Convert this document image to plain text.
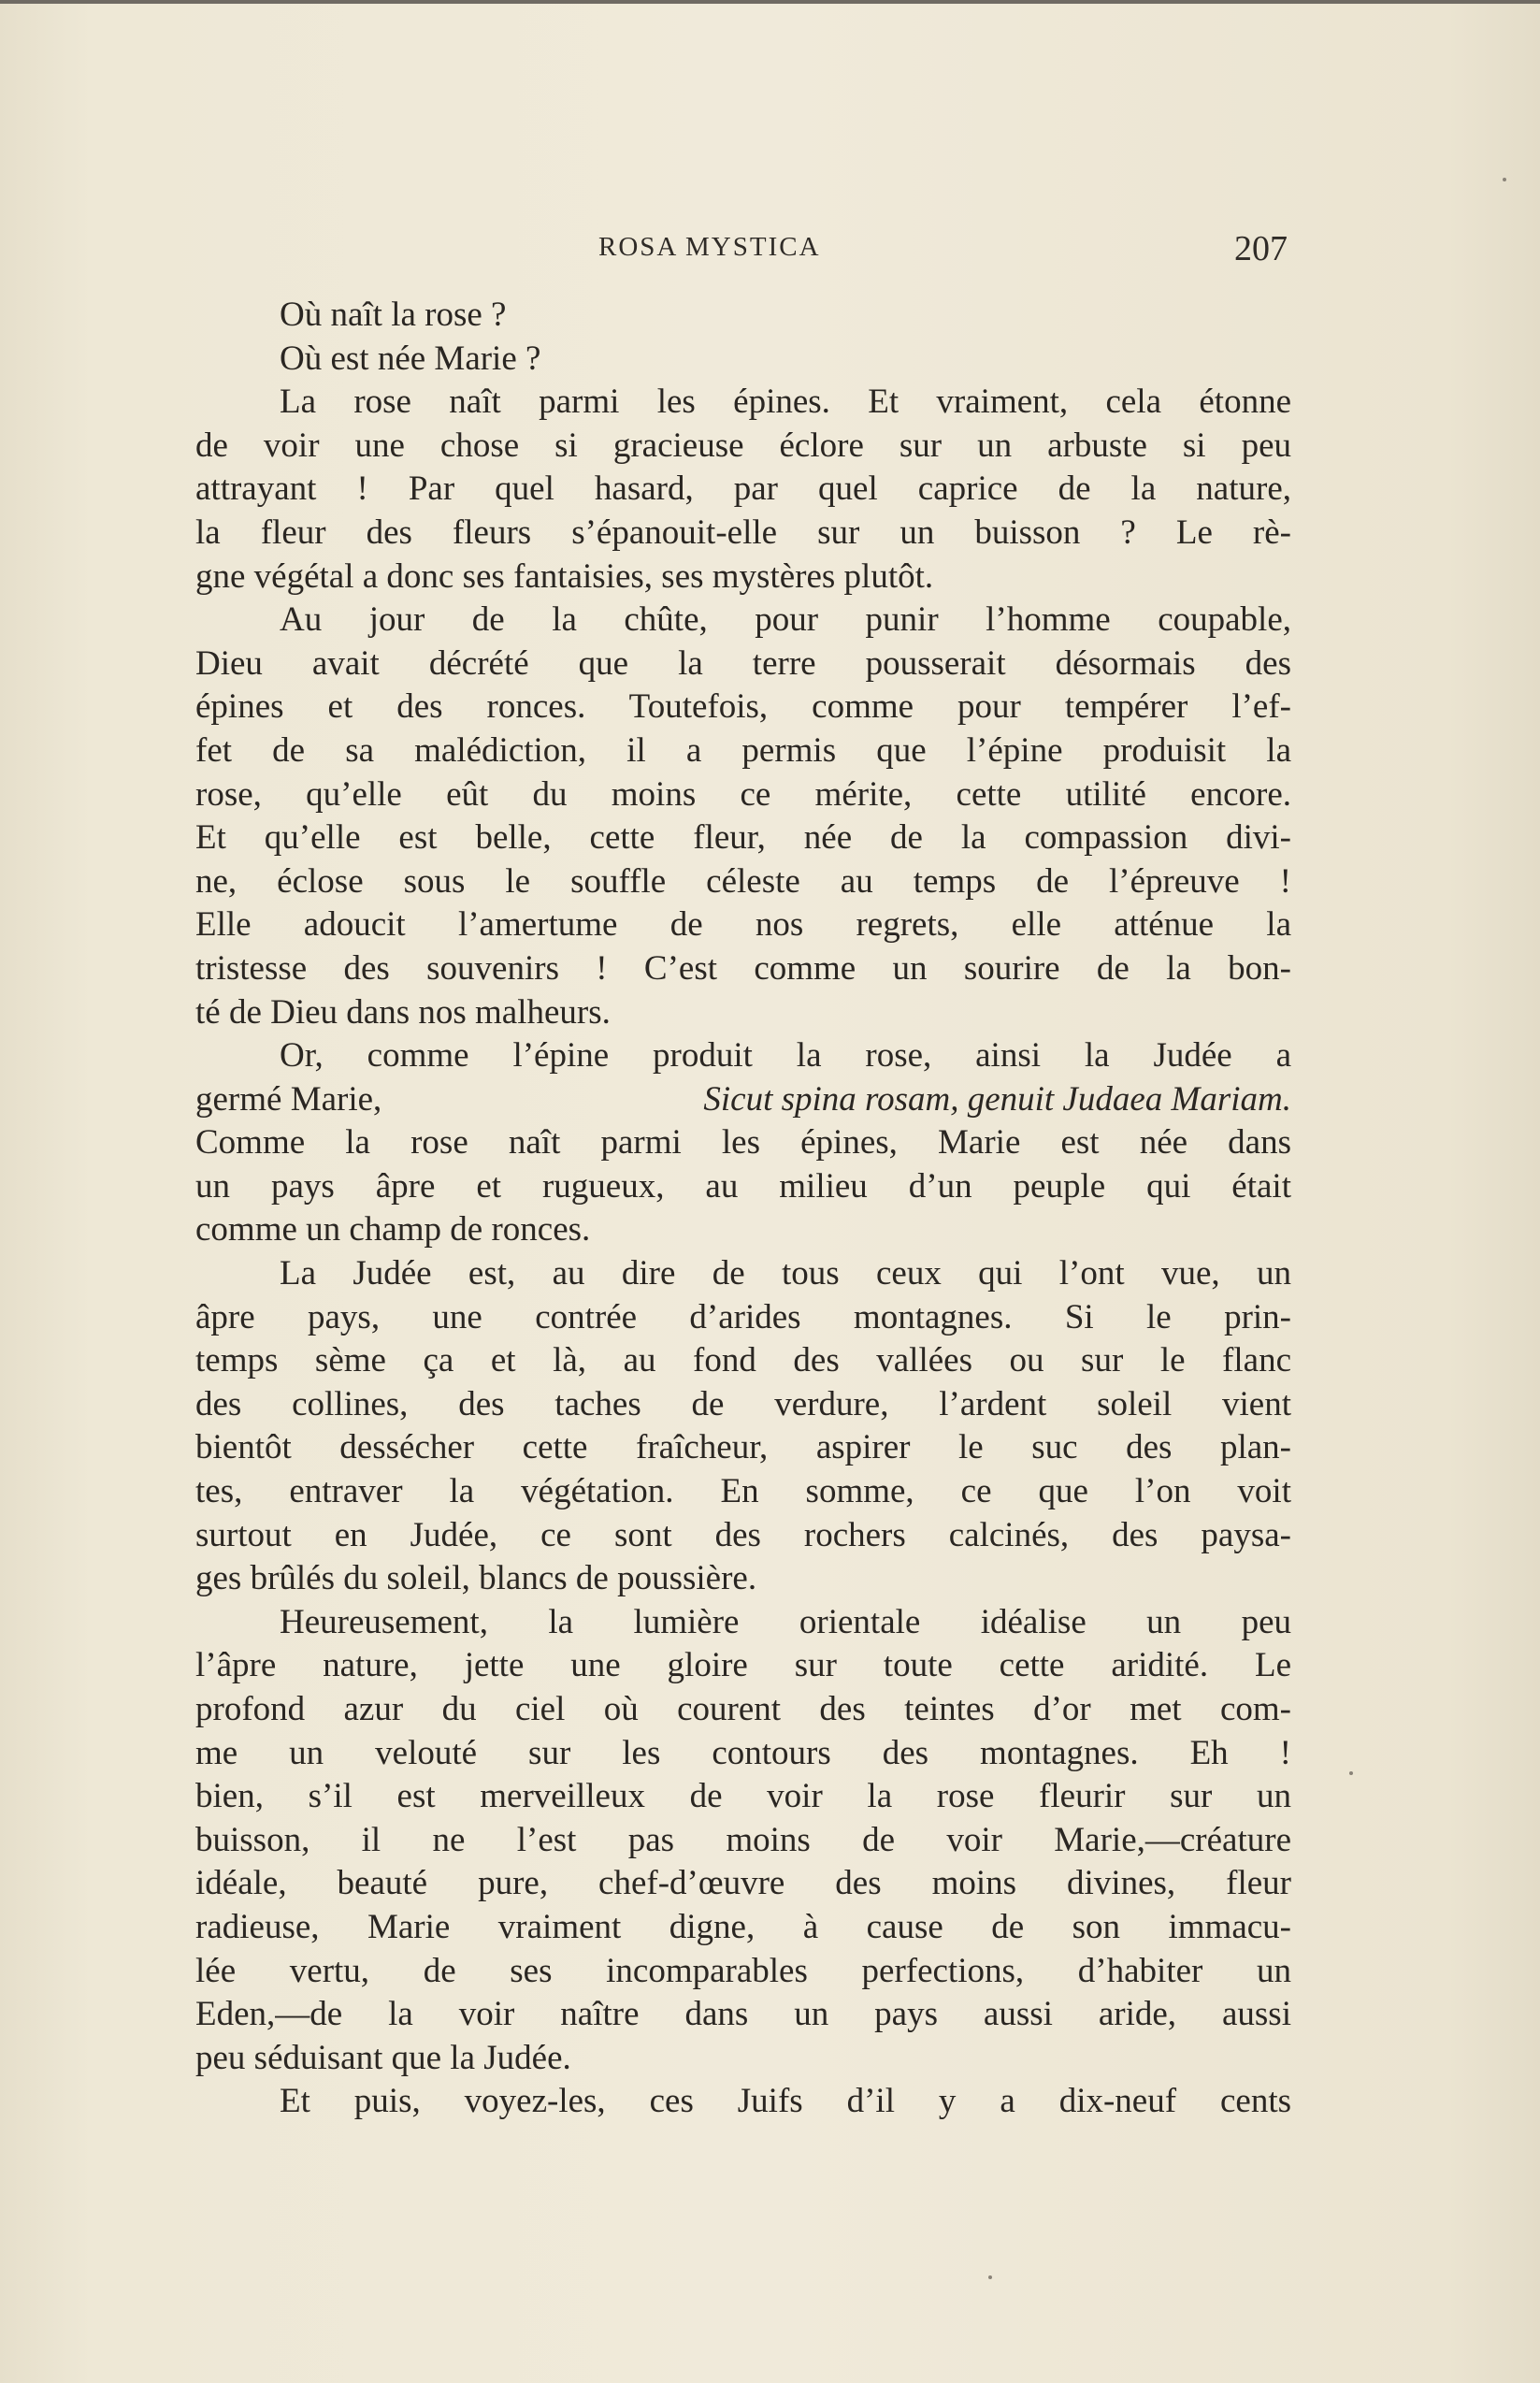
ROSA MYSTICA	207
Où naît la rose ?
Où est née Marie ?
La rose naît parmi les épines. Et vraiment, cela étonne
de voir une chose si gracieuse éclore sur un arbuste si peu
attrayant ! Par quel hasard, par quel caprice de la nature,
la fleur des fleurs s’épanouit-elle sur un buisson ? Le rè-
gne végétal a donc ses fantaisies, ses mystères plutôt.
Au jour de la chûte, pour punir l’homme coupable,
Dieu avait décrété que la terre pousserait désormais des
épines et des ronces. Toutefois, comme pour tempérer l’ef-
fet de sa malédiction, il a permis que l’épine produisit la
rose, qu’elle eût du moins ce mérite, cette utilité encore.
Et qu’elle est belle, cette fleur, née de la compassion divi-
ne, éclose sous le souffle céleste au temps de l’épreuve !
Elle adoucit l’amertume de nos regrets, elle atténue la
tristesse des souvenirs ! C’est comme un sourire de la bon-
té de Dieu dans nos malheurs.
Or, comme l’épine produit la rose, ainsi la Judée a
germé Marie,	Sicut spina rosam, genuit Judaea Mariam.
Comme la rose naît parmi les épines, Marie est née dans
un pays âpre et rugueux, au milieu d’un peuple qui était
comme un champ de ronces.
La Judée est, au dire de tous ceux qui l’ont vue, un
âpre pays, une contrée d’arides montagnes. Si le prin-
temps sème ça et là, au fond des vallées ou sur le flanc
des collines, des taches de verdure, l’ardent soleil vient
bientôt dessécher cette fraîcheur, aspirer le suc des plan-
tes, entraver la végétation. En somme, ce que l’on voit
surtout en Judée, ce sont des rochers calcinés, des paysa-
ges brûlés du soleil, blancs de poussière.
Heureusement, la lumière orientale idéalise un peu
l’âpre nature, jette une gloire sur toute cette aridité. Le
profond azur du ciel où courent des teintes d’or met com-
me un velouté sur les contours des montagnes. Eh !
bien, s’il est merveilleux de voir la rose fleurir sur un
buisson, il ne l’est pas moins de voir Marie,—créature
idéale, beauté pure, chef-d’œuvre des moins divines, fleur
radieuse, Marie vraiment digne, à cause de son immacu-
lée vertu, de ses incomparables perfections, d’habiter un
Eden,—de la voir naître dans un pays aussi aride, aussi
peu séduisant que la Judée.
Et puis, voyez-les, ces Juifs d’il y a dix-neuf cents
